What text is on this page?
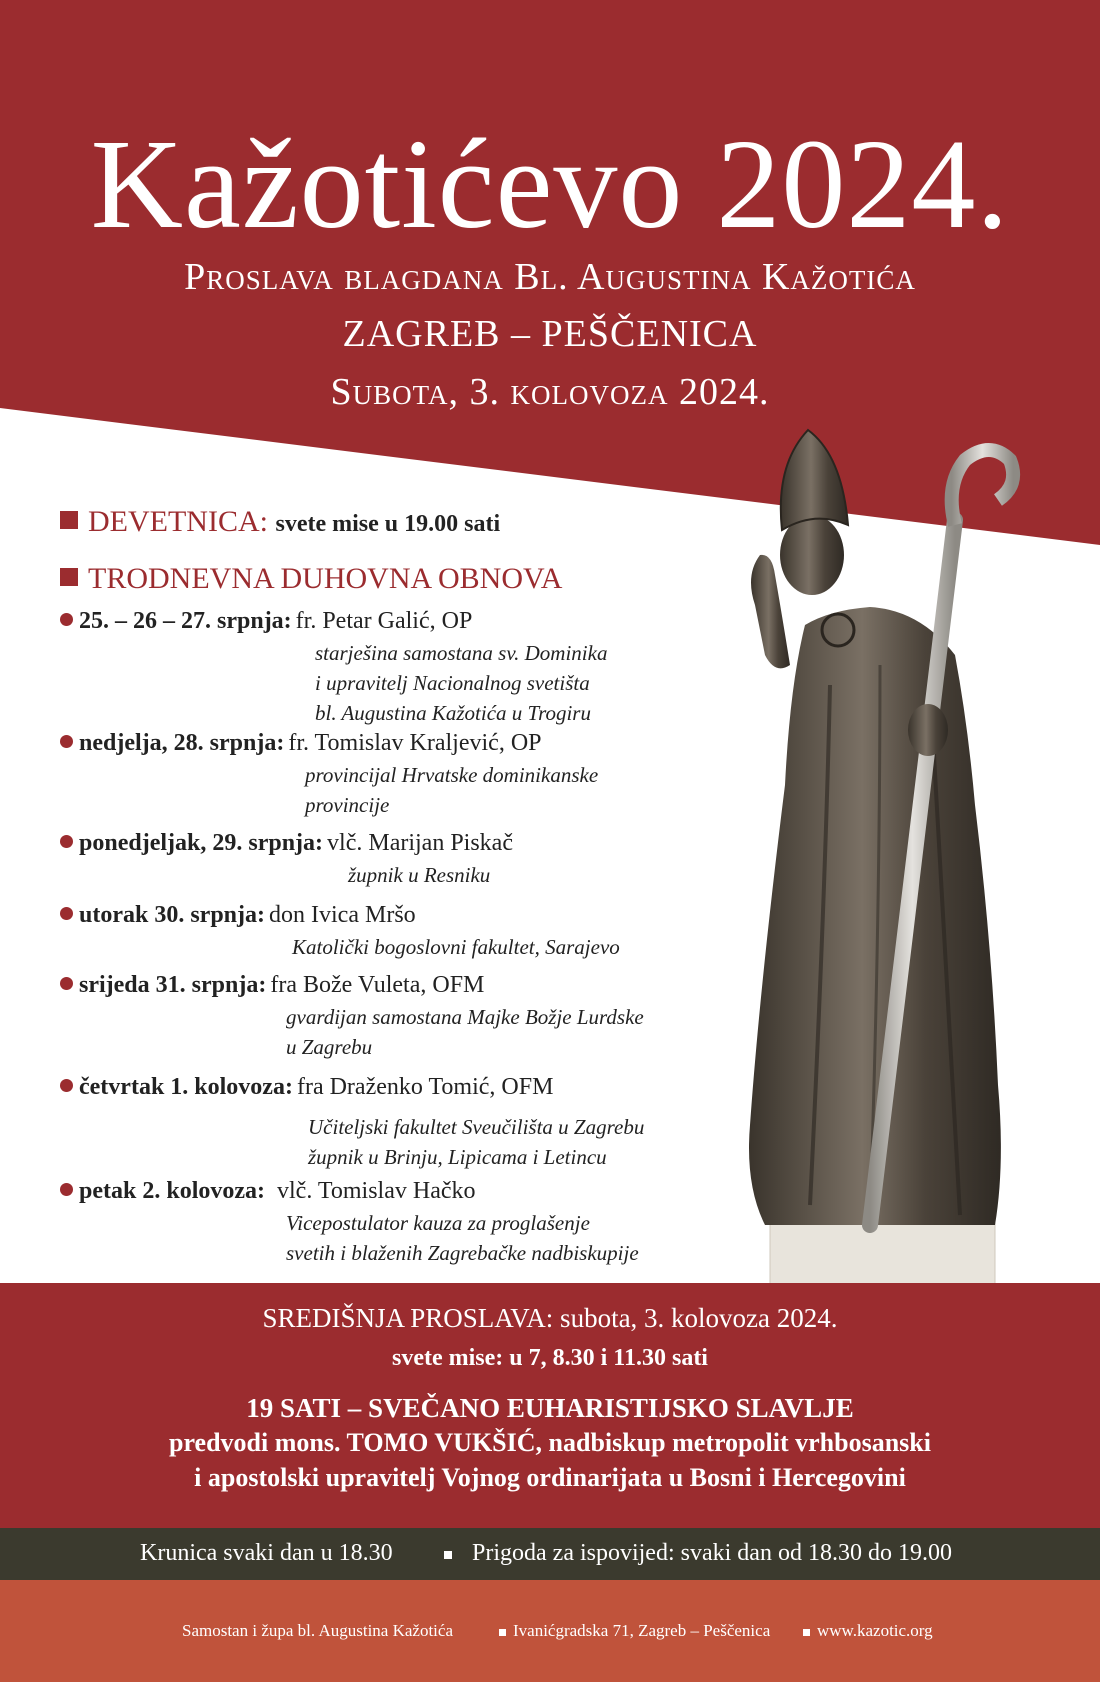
Kažotićevo 2024.
Proslava blagdana Bl. Augustina Kažotića
ZAGREB – PEŠČENICA
Subota, 3. kolovoza 2024.
DEVETNICA: svete mise u 19.00 sati
TRODNEVNA DUHOVNA OBNOVA
25. – 26 – 27. srpnja: fr. Petar Galić, OP
starješina samostana sv. Dominika
i upravitelj Nacionalnog svetišta
bl. Augustina Kažotića u Trogiru
nedjelja, 28. srpnja: fr. Tomislav Kraljević, OP
provincijal Hrvatske dominikanske
provincije
ponedjeljak, 29. srpnja: vlč. Marijan Piskač
župnik u Resniku
utorak 30. srpnja: don Ivica Mršo
Katolički bogoslovni fakultet, Sarajevo
srijeda 31. srpnja: fra Bože Vuleta, OFM
gvardijan samostana Majke Božje Lurdske
u Zagrebu
četvrtak 1. kolovoza: fra Draženko Tomić, OFM
Učiteljski fakultet Sveučilišta u Zagrebu
župnik u Brinju, Lipicama i Letincu
petak 2. kolovoza: vlč. Tomislav Hačko
Vicepostulator kauza za proglašenje
svetih i blaženih Zagrebačke nadbiskupije
SREDIŠNJA PROSLAVA: subota, 3. kolovoza 2024.
svete mise: u 7, 8.30 i 11.30 sati
19 SATI – SVEČANO EUHARISTIJSKO SLAVLJE
predvodi mons. TOMO VUKŠIĆ, nadbiskup metropolit vrhbosanski
i apostolski upravitelj Vojnog ordinarijata u Bosni i Hercegovini
Krunica svaki dan u 18.30	Prigoda za ispovijed: svaki dan od 18.30 do 19.00
Samostan i župa bl. Augustina Kažotića	Ivanićgradska 71, Zagreb – Peščenica	www.kazotic.org
